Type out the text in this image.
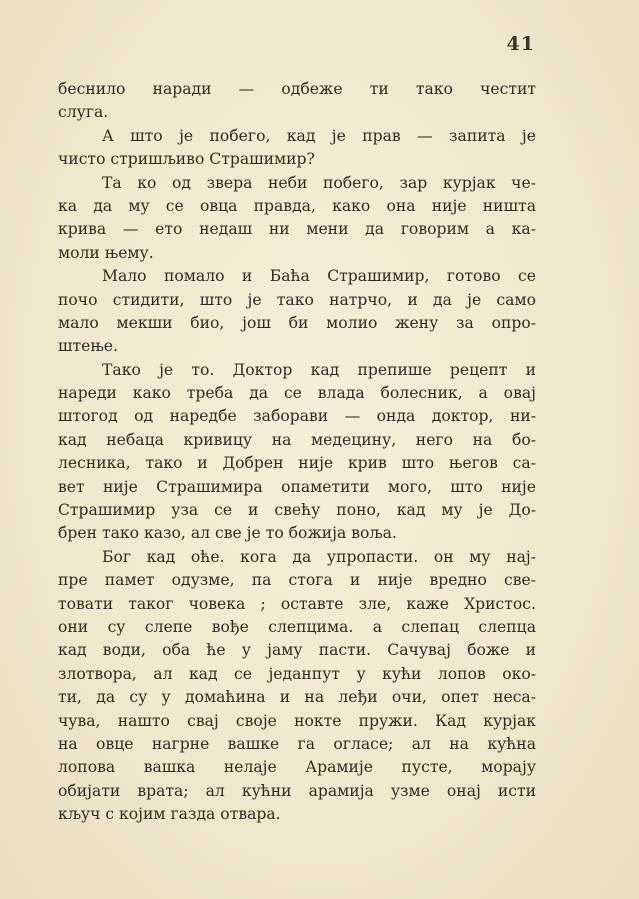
41
беснило наради — одбеже ти тако честит
слуга.
А што је побего, кад је прав — запита је
чисто стришљиво Страшимир?
Та ко од звера неби побего, зар курјак че-
ка да му се овца правда, како она није ништа
крива — ето недаш ни мени да говорим а ка-
моли њему.
Мало помало и Баћа Страшимир, готово се
почо стидити, што је тако натрчо, и да је само
мало мекши био, још би молио жену за опро-
штење.
Тако је то. Доктор кад препише рецепт и
нареди како треба да се влада болесник, а овај
штогод од наредбе заборави — онда доктор, ни-
кад небаца кривицу на медецину, него на бо-
лесника, тако и Добрен није крив што његов са-
вет није Страшимира опаметити мого, што није
Страшимир уза се и свећу поно, кад му је До-
брен тако казо, ал све је то божија воља.
Бог кад оће. кога да упропасти. он му нај-
пре памет одузме, па стога и није вредно све-
товати таког човека ; оставте зле, каже Христос.
они су слепе вође слепцима. а слепац слепца
кад води, оба ће у јаму пасти. Сачувај боже и
злотвора, ал кад се једанпут у кући лопов око-
ти, да су у домаћина и на леђи очи, опет неса-
чува, нашто свај своје нокте пружи. Кад курјак
на овце нагрне вашке га огласе; ал на кућна
лопова вашка нелаје Арамије пусте, морају
обијати врата; ал кућни арамија узме онај исти
кључ с којим газда отвара.
